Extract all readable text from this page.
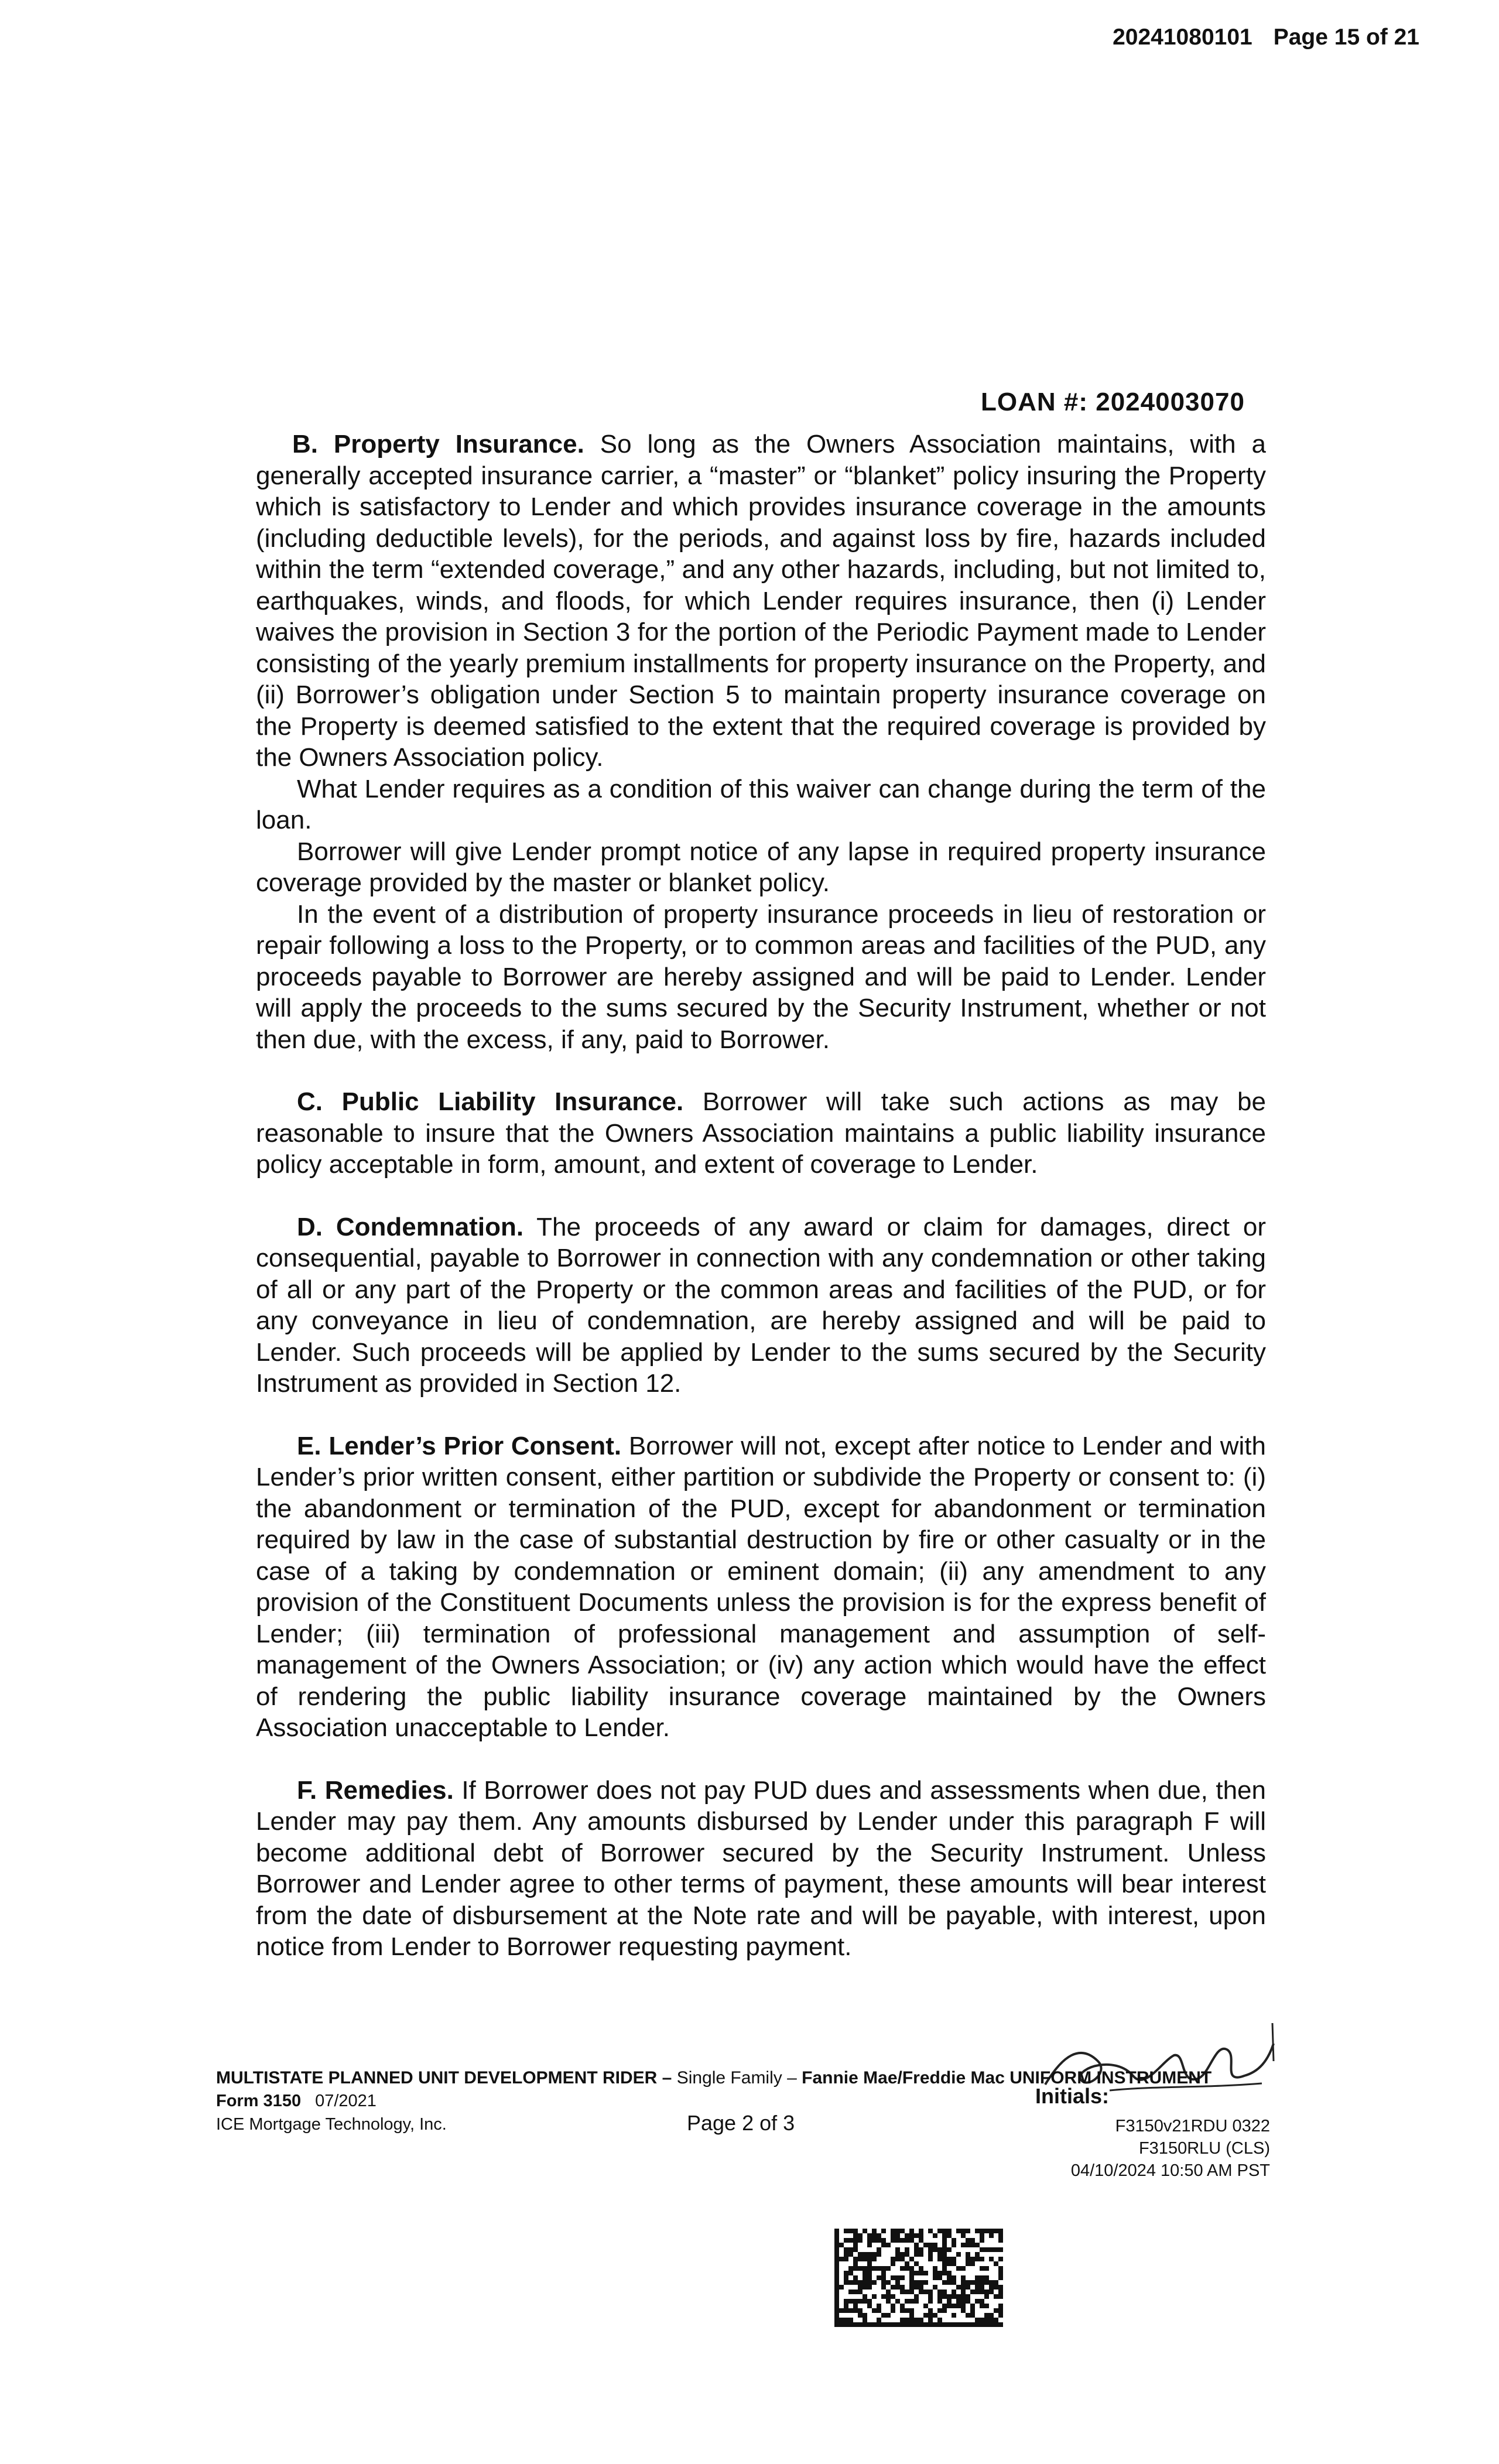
20241080101 Page 15 of 21
LOAN #: 2024003070

B. Property Insurance. So long as the Owners Association maintains, with a generally accepted insurance carrier, a “master” or “blanket” policy insuring the Property which is satisfactory to Lender and which provides insurance coverage in the amounts (including deductible levels), for the periods, and against loss by fire, hazards included within the term “extended coverage,” and any other hazards, including, but not limited to, earthquakes, winds, and floods, for which Lender requires insurance, then (i) Lender waives the provision in Section 3 for the portion of the Periodic Payment made to Lender consisting of the yearly premium installments for property insurance on the Property, and (ii) Borrower’s obligation under Section 5 to maintain property insurance coverage on the Property is deemed satisfied to the extent that the required coverage is provided by the Owners Association policy.

What Lender requires as a condition of this waiver can change during the term of the loan.

Borrower will give Lender prompt notice of any lapse in required property insurance coverage provided by the master or blanket policy.

In the event of a distribution of property insurance proceeds in lieu of restoration or repair following a loss to the Property, or to common areas and facilities of the PUD, any proceeds payable to Borrower are hereby assigned and will be paid to Lender. Lender will apply the proceeds to the sums secured by the Security Instrument, whether or not then due, with the excess, if any, paid to Borrower.

C. Public Liability Insurance. Borrower will take such actions as may be reasonable to insure that the Owners Association maintains a public liability insurance policy acceptable in form, amount, and extent of coverage to Lender.

D. Condemnation. The proceeds of any award or claim for damages, direct or consequential, payable to Borrower in connection with any condemnation or other taking of all or any part of the Property or the common areas and facilities of the PUD, or for any conveyance in lieu of condemnation, are hereby assigned and will be paid to Lender. Such proceeds will be applied by Lender to the sums secured by the Security Instrument as provided in Section 12.

E. Lender’s Prior Consent. Borrower will not, except after notice to Lender and with Lender’s prior written consent, either partition or subdivide the Property or consent to: (i) the abandonment or termination of the PUD, except for abandonment or termination required by law in the case of substantial destruction by fire or other casualty or in the case of a taking by condemnation or eminent domain; (ii) any amendment to any provision of the Constituent Documents unless the provision is for the express benefit of Lender; (iii) termination of professional management and assumption of self-management of the Owners Association; or (iv) any action which would have the effect of rendering the public liability insurance coverage maintained by the Owners Association unacceptable to Lender.

F. Remedies. If Borrower does not pay PUD dues and assessments when due, then Lender may pay them. Any amounts disbursed by Lender under this paragraph F will become additional debt of Borrower secured by the Security Instrument. Unless Borrower and Lender agree to other terms of payment, these amounts will bear interest from the date of disbursement at the Note rate and will be payable, with interest, upon notice from Lender to Borrower requesting payment.

MULTISTATE PLANNED UNIT DEVELOPMENT RIDER – Single Family – Fannie Mae/Freddie Mac UNIFORM INSTRUMENT
Form 3150 07/2021
ICE Mortgage Technology, Inc.	Page 2 of 3
Initials:
F3150v21RDU 0322
F3150RLU (CLS)
04/10/2024 10:50 AM PST
